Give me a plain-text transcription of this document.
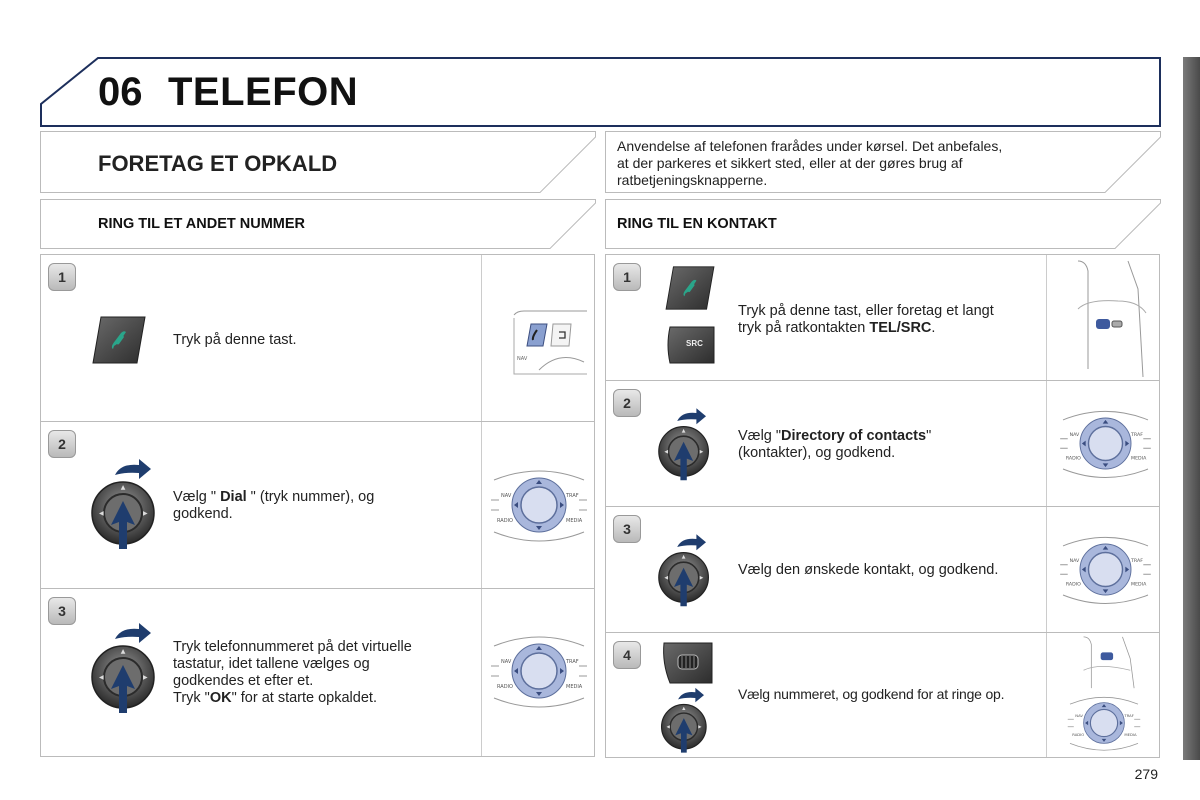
06 TELEFON
FORETAG ET OPKALD
Anvendelse af telefonen frarådes under kørsel. Det anbefales,
at der parkeres et sikkert sted, eller at der gøres brug af
ratbetjeningsknapperne.
RING TIL ET ANDET NUMMER	RING TIL EN KONTAKT
1
Tryk på denne tast.
2
Vælg " Dial " (tryk nummer), og
godkend.
3
Tryk telefonnummeret på det virtuelle
tastatur, idet tallene vælges og
godkendes et efter et.
Tryk "OK" for at starte opkaldet.
1
SRC
Tryk på denne tast, eller foretag et langt
tryk på ratkontakten TEL/SRC.
2
Vælg "Directory of contacts"
(kontakter), og godkend.
3
Vælg den ønskede kontakt, og godkend.
4
Vælg nummeret, og godkend for at ringe op.
279
